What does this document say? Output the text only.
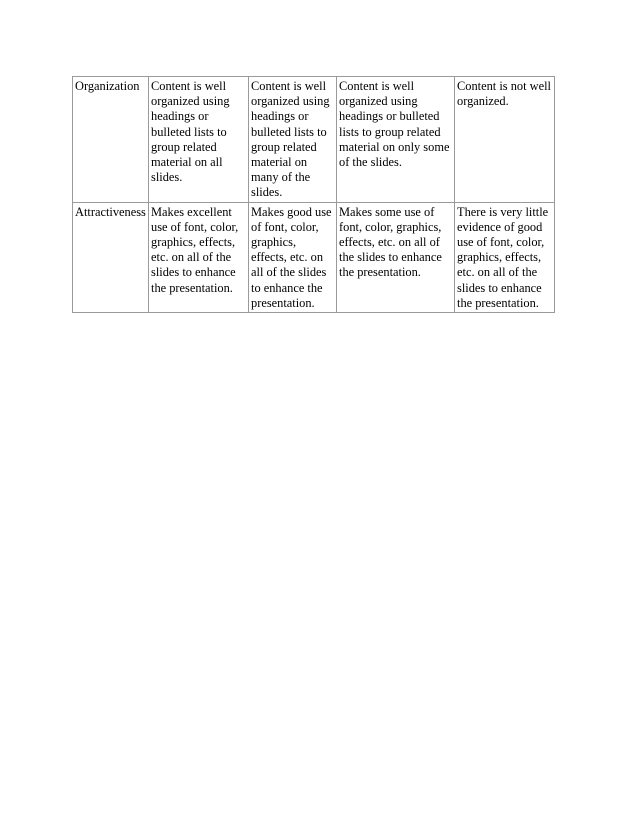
Organization	Content is well organized using headings or bulleted lists to group related material on all slides.	Content is well organized using headings or bulleted lists to group related material on many of the slides.	Content is well organized using headings or bulleted lists to group related material on only some of the slides.	Content is not well organized.
Attractiveness	Makes excellent use of font, color, graphics, effects, etc. on all of the slides to enhance the presentation.	Makes good use of font, color, graphics, effects, etc. on all of the slides to enhance the presentation.	Makes some use of font, color, graphics, effects, etc. on all of the slides to enhance the presentation.	There is very little evidence of good use of font, color, graphics, effects, etc. on all of the slides to enhance the presentation.
